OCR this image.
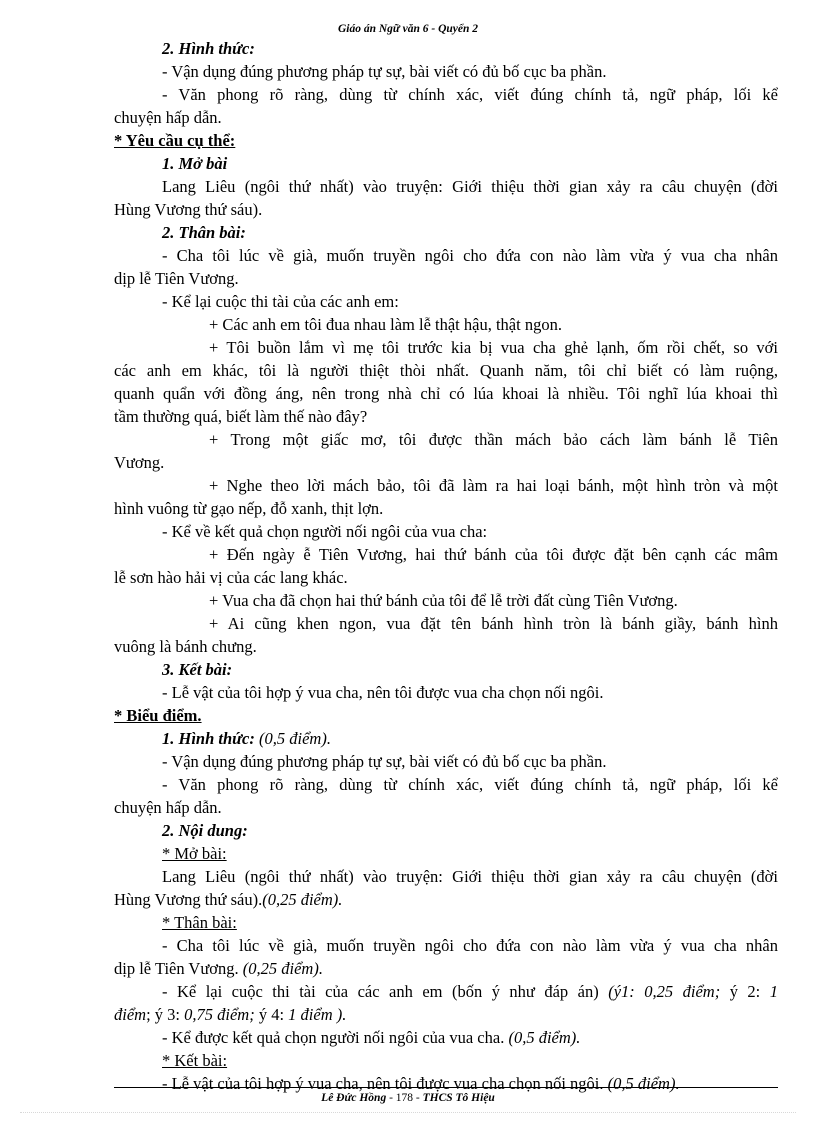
Giáo án Ngữ văn 6 - Quyển 2

2. Hình thức:

- Vận dụng đúng phương pháp tự sự, bài viết có đủ bố cục ba phần.

- Văn phong rõ ràng, dùng từ chính xác, viết đúng chính tả, ngữ pháp, lối kể

chuyện hấp dẫn.

* Yêu cầu cụ thể:

1. Mở bài

Lang Liêu (ngôi thứ nhất) vào truyện: Giới thiệu thời gian xảy ra câu chuyện (đời

Hùng Vương thứ sáu).

2. Thân bài:

- Cha tôi lúc về già, muốn truyền ngôi cho đứa con nào làm vừa ý vua cha nhân

dịp lễ Tiên Vương.

- Kể lại cuộc thi tài của các anh em:

+ Các anh em tôi đua nhau làm lễ thật hậu, thật ngon.

+ Tôi buồn lắm vì mẹ tôi trước kia bị vua cha ghẻ lạnh, ốm rồi chết, so với

các anh em khác, tôi là người thiệt thòi nhất. Quanh năm, tôi chỉ biết có làm ruộng,

quanh quẩn với đồng áng, nên trong nhà chỉ có lúa khoai là nhiều. Tôi nghĩ lúa khoai thì

tầm thường quá, biết làm thế nào đây?

+ Trong một giấc mơ, tôi được thần mách bảo cách làm bánh lễ Tiên

Vương.

+ Nghe theo lời mách bảo, tôi đã làm ra hai loại bánh, một hình tròn và một

hình vuông từ gạo nếp, đỗ xanh, thịt lợn.

- Kể về kết quả chọn người nối ngôi của vua cha:

+ Đến ngày ễ Tiên Vương, hai thứ bánh của tôi được đặt bên cạnh các mâm

lễ sơn hào hải vị của các lang khác.

+ Vua cha đã chọn hai thứ bánh của tôi để lễ trời đất cùng Tiên Vương.

+ Ai cũng khen ngon, vua đặt tên bánh hình tròn là bánh giầy, bánh hình

vuông là bánh chưng.

3. Kết bài:

- Lễ vật của tôi hợp ý vua cha, nên tôi được vua cha chọn nối ngôi.

* Biểu điểm.

1. Hình thức: (0,5 điểm).

- Vận dụng đúng phương pháp tự sự, bài viết có đủ bố cục ba phần.

- Văn phong rõ ràng, dùng từ chính xác, viết đúng chính tả, ngữ pháp, lối kể

chuyện hấp dẫn.

2. Nội dung:

* Mở bài:

Lang Liêu (ngôi thứ nhất) vào truyện: Giới thiệu thời gian xảy ra câu chuyện (đời

Hùng Vương thứ sáu).(0,25 điểm).

* Thân bài:

- Cha tôi lúc về già, muốn truyền ngôi cho đứa con nào làm vừa ý vua cha nhân

dịp lễ Tiên Vương. (0,25 điểm).

- Kể lại cuộc thi tài của các anh em (bốn ý như đáp án) (ý1: 0,25 điểm; ý 2: 1

điểm; ý 3: 0,75 điểm; ý 4: 1 điểm ).

- Kể được kết quả chọn người nối ngôi của vua cha. (0,5 điểm).

* Kết bài:

- Lễ vật của tôi hợp ý vua cha, nên tôi được vua cha chọn nối ngôi. (0,5 điểm).

Lê Đức Hồng - 178 - THCS Tô Hiệu
